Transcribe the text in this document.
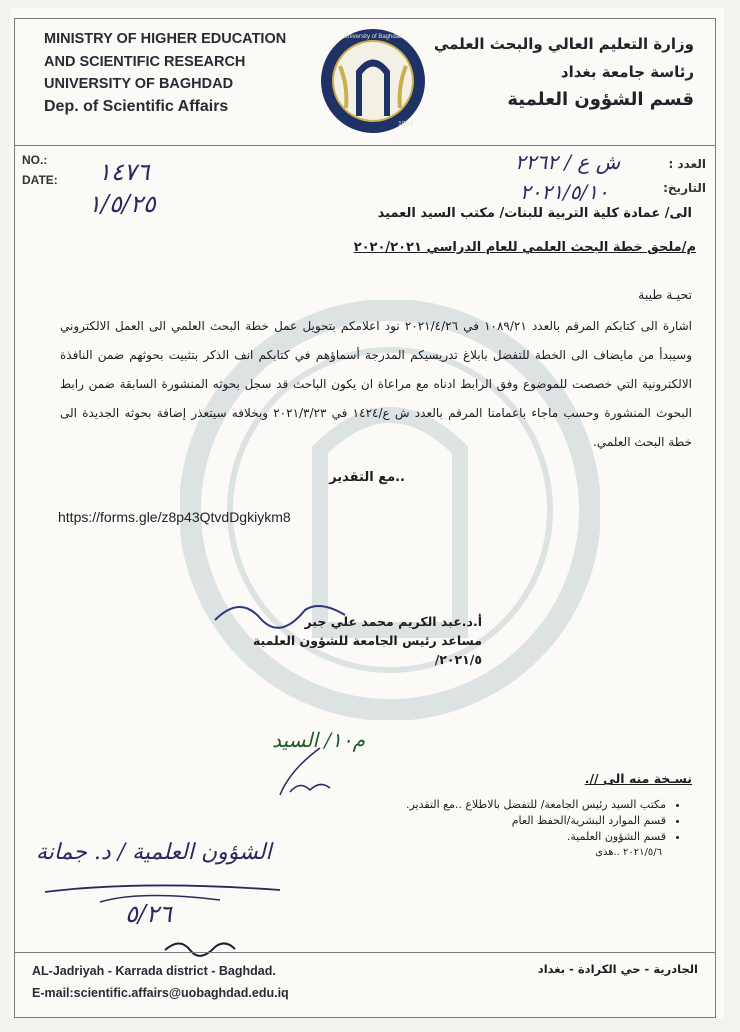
MINISTRY OF HIGHER EDUCATION
AND SCIENTIFIC RESEARCH
UNIVERSITY OF BAGHDAD
Dep. of Scientific Affairs
University of Baghdad
1957
وزارة التعليم العالي والبحث العلمي
رئاسة جامعة بغداد
قسم الشؤون العلمية
NO.:
DATE: ١٤٧٦
١/٥/٢٥
العدد :
التاريخ:
ش ع / ٢٢٦٢
٢٠٢١/٥/١٠
الى/ عمادة كلية التربية للبنات/ مكتب السيد العميد
م/ملحق خطة البحث العلمي للعام الدراسي ٢٠٢٠/٢٠٢١
تحيـة طيبة
اشارة الى كتابكم المرقم بالعدد ١٠٨٩/٢١ في ٢٠٢١/٤/٢٦ نود اعلامكم بتحويل عمل خطة البحث العلمي الى العمل الالكتروني وسيبدأ من مايضاف الى الخطة للتفضل بابلاغ تدريسيكم المدرجة أسماؤهم في كتابكم انف الذكر بتثبيت بحوثهم ضمن النافذة الالكترونية التي خصصت للموضوع وفق الرابط ادناه مع مراعاة ان يكون الباحث قد سجل بحوثه المنشورة السابقة ضمن رابط البحوث المنشورة وحسب ماجاء باعمامنا المرقم بالعدد ش ع/١٤٢٤ في ٢٠٢١/٣/٢٣ وبخلافه سيتعذر إضافة بحوثه الجديدة الى خطة البحث العلمي.
..مع التقدير
https://forms.gle/z8p43QtvdDgkiykm8
أ.د.عبد الكريم محمد علي جبر
مساعد رئيس الجامعة للشؤون العلمية
٢٠٢١/٥/
م١٠/ السيد
نسـخة منه الى //.
• مكتب السيد رئيس الجامعة/ للتفضل بالاطلاع ..مع التقدير.
• قسم الموارد البشرية/الحفظ العام
• قسم الشؤون العلمية.
٢٠٢١/٥/٦ ..هدى
الشؤون العلمية / د. جمانة
٥/٢٦
AL-Jadriyah - Karrada district - Baghdad.
E-mail:scientific.affairs@uobaghdad.edu.iq
الجادرية - حي الكرادة - بغداد
